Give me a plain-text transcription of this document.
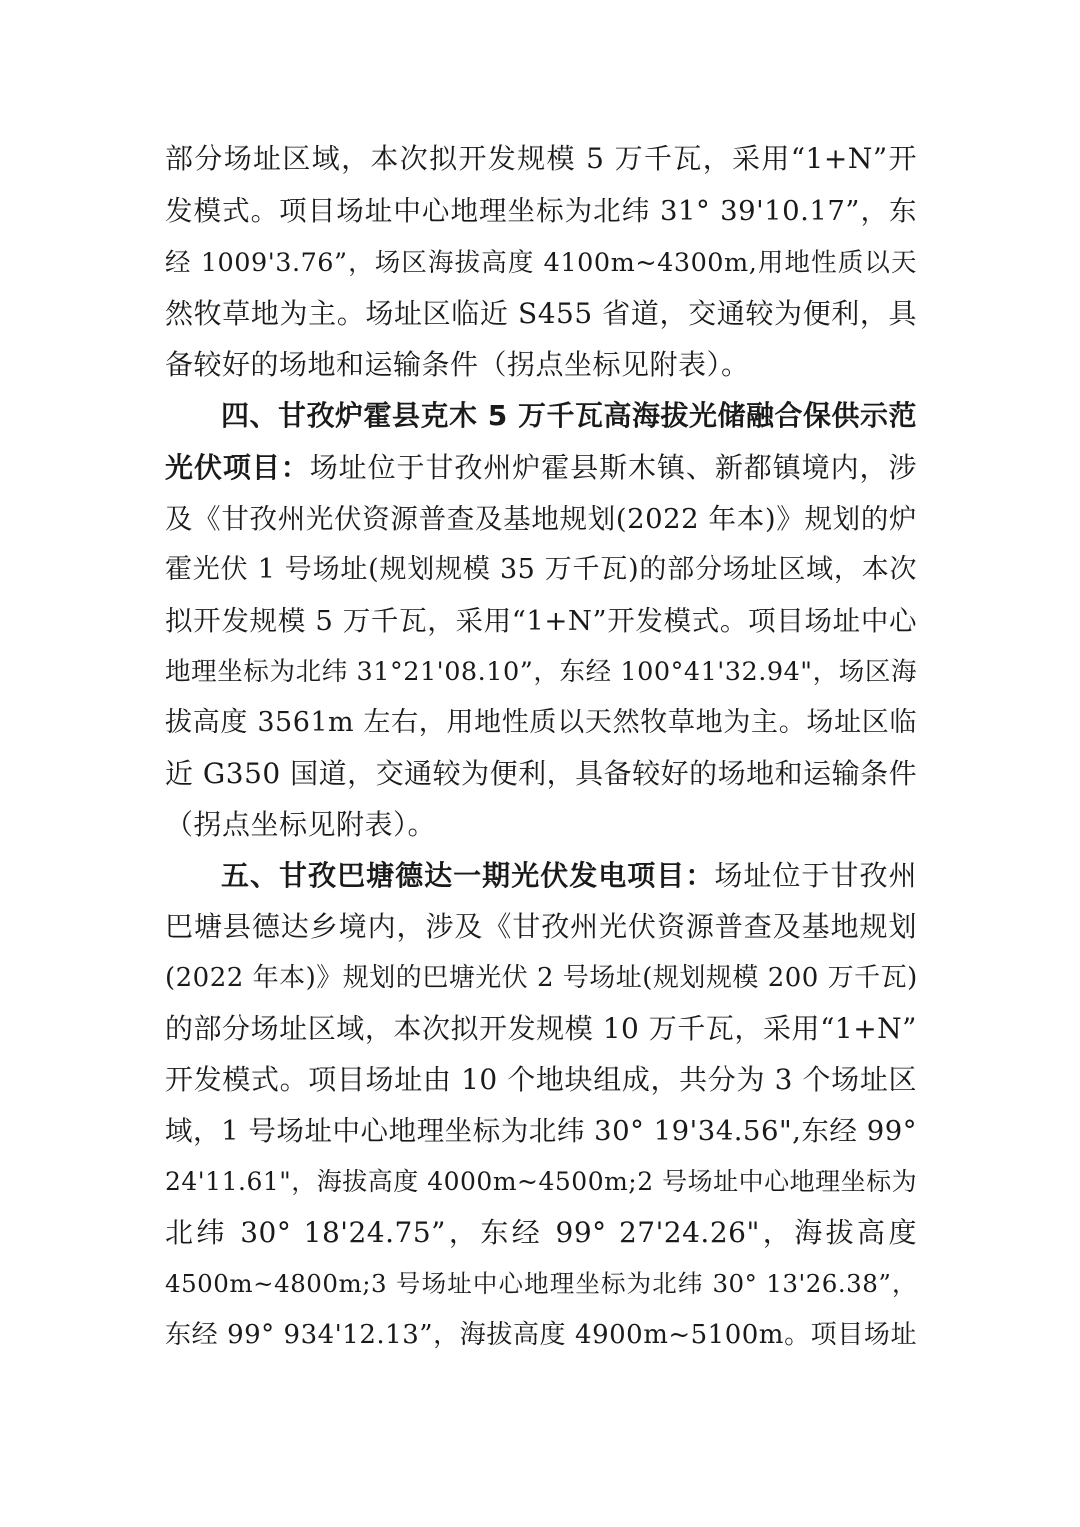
部分场址区域，本次拟开发规模 5 万千瓦，采用“1+N”开
发模式。项目场址中心地理坐标为北纬 31° 39'10.17”，东
经 1009'3.76”，场区海拔高度 4100m~4300m,用地性质以天
然牧草地为主。场址区临近 S455 省道，交通较为便利，具
备较好的场地和运输条件（拐点坐标见附表）。
四、甘孜炉霍县克木 5 万千瓦高海拔光储融合保供示范
光伏项目：场址位于甘孜州炉霍县斯木镇、新都镇境内，涉
及《甘孜州光伏资源普查及基地规划(2022 年本)》规划的炉
霍光伏 1 号场址(规划规模 35 万千瓦)的部分场址区域，本次
拟开发规模 5 万千瓦，采用“1+N”开发模式。项目场址中心
地理坐标为北纬 31°21'08.10”，东经 100°41'32.94"，场区海
拔高度 3561m 左右，用地性质以天然牧草地为主。场址区临
近 G350 国道，交通较为便利，具备较好的场地和运输条件
（拐点坐标见附表）。
五、甘孜巴塘德达一期光伏发电项目：场址位于甘孜州
巴塘县德达乡境内，涉及《甘孜州光伏资源普查及基地规划
(2022 年本)》规划的巴塘光伏 2 号场址(规划规模 200 万千瓦)
的部分场址区域，本次拟开发规模 10 万千瓦，采用“1+N”
开发模式。项目场址由 10 个地块组成，共分为 3 个场址区
域，1 号场址中心地理坐标为北纬 30° 19'34.56",东经 99°
24'11.61"，海拔高度 4000m~4500m;2 号场址中心地理坐标为
北纬 30° 18'24.75”，东经 99° 27'24.26"，海拔高度
4500m~4800m;3 号场址中心地理坐标为北纬 30° 13'26.38”，
东经 99° 934'12.13”，海拔高度 4900m~5100m。项目场址
